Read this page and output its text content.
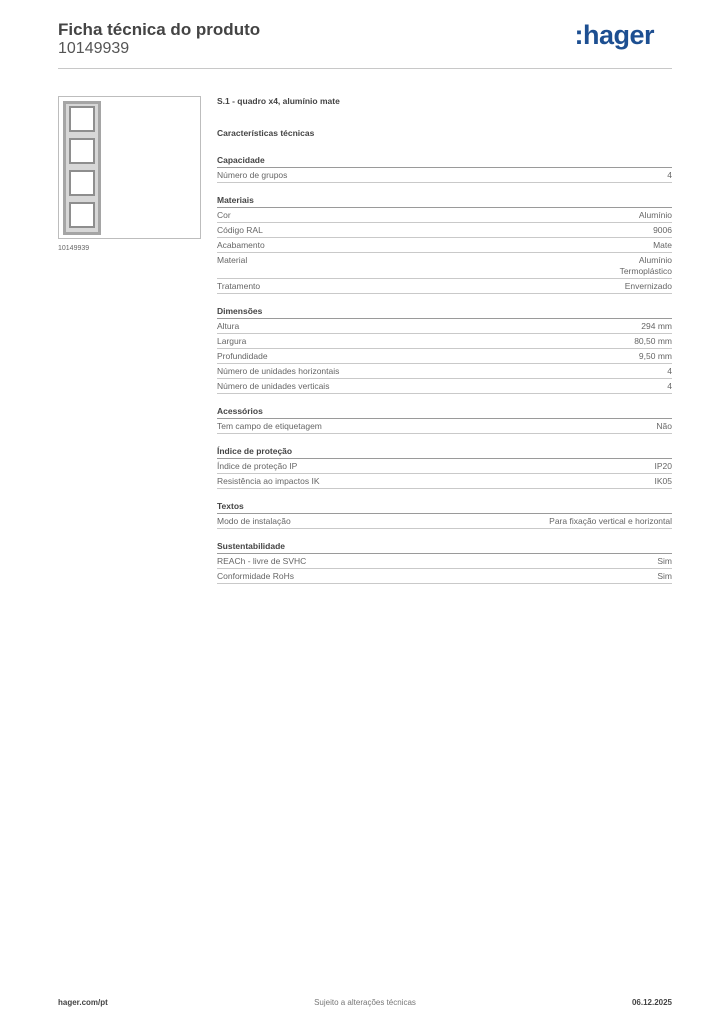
Ficha técnica do produto
10149939	:hager
10149939
S.1 - quadro x4, alumínio mate
Características técnicas
Capacidade
Número de grupos	4
Materiais
Cor	Alumínio
Código RAL	9006
Acabamento	Mate
Material	Alumínio
Termoplástico
Tratamento	Envernizado
Dimensões
Altura	294 mm
Largura	80,50 mm
Profundidade	9,50 mm
Número de unidades horizontais	4
Número de unidades verticais	4
Acessórios
Tem campo de etiquetagem	Não
Índice de proteção
Índice de proteção IP	IP20
Resistência ao impactos IK	IK05
Textos
Modo de instalação	Para fixação vertical e horizontal
Sustentabilidade
REACh - livre de SVHC	Sim
Conformidade RoHs	Sim
hager.com/pt	Sujeito a alterações técnicas	06.12.2025
